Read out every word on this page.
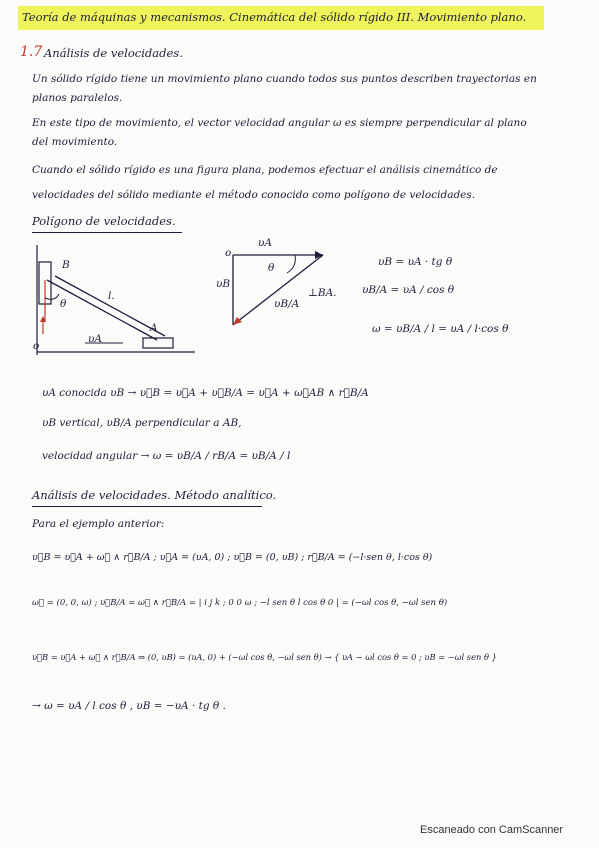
Teoría de máquinas y mecanismos. Cinemática del sólido rígido III. Movimiento plano.
1.7 Análisis de velocidades.
Un sólido rígido tiene un movimiento plano cuando todos sus puntos describen trayectorias en
planos paralelos.
En este tipo de movimiento, el vector velocidad angular ω es siempre perpendicular al plano
del movimiento.
Cuando el sólido rígido es una figura plana, podemos efectuar el análisis cinemático de
velocidades del sólido mediante el método conocido como polígono de velocidades.
Polígono de velocidades.
B
A
l.
θ
υA
o
o
υA
υB
υB/A
θ
⊥BA.
υB = υA · tg θ
υB/A = υA / cos θ
ω = υB/A / l = υA / l·cos θ
υA conocida υB → υ⃗B = υ⃗A + υ⃗B/A = υ⃗A + ω⃗AB ∧ r⃗B/A
υB vertical, υB/A perpendicular a AB,
velocidad angular → ω = υB/A / rB/A = υB/A / l
Análisis de velocidades. Método analítico.
Para el ejemplo anterior:
υ⃗B = υ⃗A + ω⃗ ∧ r⃗B/A ; υ⃗A = (υA, 0) ; υ⃗B = (0, υB) ; r⃗B/A = (−l·sen θ, l·cos θ)
ω⃗ = (0, 0, ω) ; υ⃗B/A = ω⃗ ∧ r⃗B/A = | i j k ; 0 0 ω ; −l sen θ l cos θ 0 | = (−ωl cos θ, −ωl sen θ)
υ⃗B = υ⃗A + ω⃗ ∧ r⃗B/A ⇒ (0, υB) = (υA, 0) + (−ωl cos θ, −ωl sen θ) → { υA − ωl cos θ = 0 ; υB = −ωl sen θ }
→ ω = υA / l cos θ , υB = −υA · tg θ .
Escaneado con CamScanner
